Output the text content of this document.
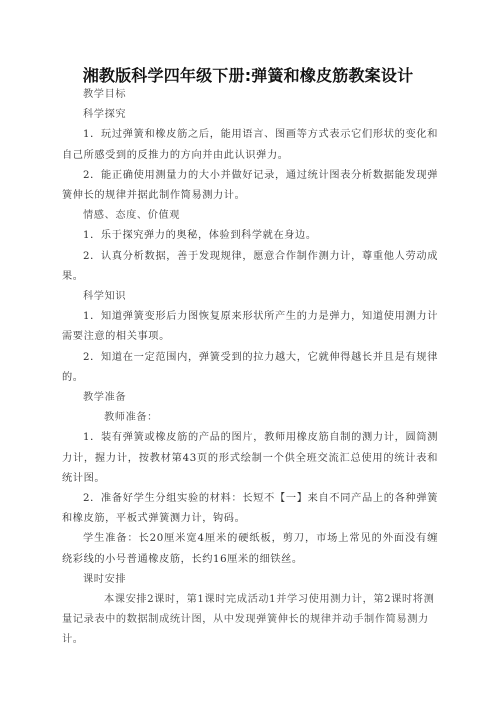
湘教版科学四年级下册:弹簧和橡皮筋教案设计

教学目标

科学探究

1．玩过弹簧和橡皮筋之后，能用语言、图画等方式表示它们形状的变化和自己所感受到的反推力的方向并由此认识弹力。

2．能正确使用测量力的大小并做好记录，通过统计图表分析数据能发现弹簧伸长的规律并据此制作简易测力计。

情感、态度、价值观

1．乐于探究弹力的奥秘，体验到科学就在身边。

2．认真分析数据，善于发现规律，愿意合作制作测力计，尊重他人劳动成果。

科学知识

1．知道弹簧变形后力图恢复原来形状所产生的力是弹力，知道使用测力计需要注意的相关事项。

2．知道在一定范围内，弹簧受到的拉力越大，它就伸得越长并且是有规律的。

教学准备

教师准备：

1．装有弹簧或橡皮筋的产品的图片，教师用橡皮筋自制的测力计，圆筒测力计，握力计，按教材第43页的形式绘制一个供全班交流汇总使用的统计表和统计图。

2．准备好学生分组实验的材料：长短不【一】来自不同产品上的各种弹簧和橡皮筋，平板式弹簧测力计，钩码。

学生准备：长20厘米宽4厘米的硬纸板，剪刀，市场上常见的外面没有缠绕彩线的小号普通橡皮筋，长约16厘米的细铁丝。

课时安排

本课安排2课时，第1课时完成活动1并学习使用测力计，第2课时将测量记录表中的数据制成统计图，从中发现弹簧伸长的规律并动手制作简易测力计。
